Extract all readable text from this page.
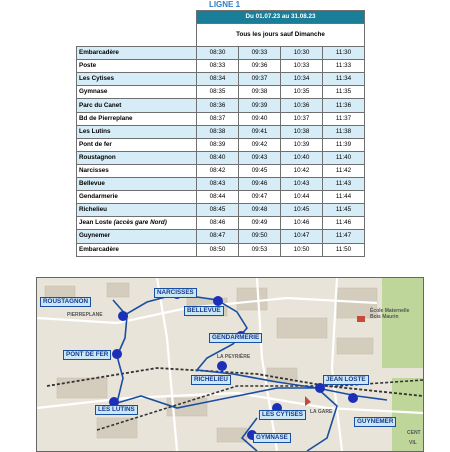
LIGNE 1
	Du 01.07.23 au 31.08.23			
	Tous les jours sauf Dimanche			
Embarcadère	08:30	09:33	10:30	11:30
Poste	08:33	09:36	10:33	11:33
Les Cytises	08:34	09:37	10:34	11:34
Gymnase	08:35	09:38	10:35	11:35
Parc du Canet	08:36	09:39	10:36	11:36
Bd de Pierreplane	08:37	09:40	10:37	11:37
Les Lutins	08:38	09:41	10:38	11:38
Pont de fer	08:39	09:42	10:39	11:39
Roustagnon	08:40	09:43	10:40	11:40
Narcisses	08:42	09:45	10:42	11:42
Bellevue	08:43	09:46	10:43	11:43
Gendarmerie	08:44	09:47	10:44	11:44
Richelieu	08:45	09:48	10:45	11:45
Jean Loste (accès gare Nord)	08:46	09:49	10:46	11:46
Guynemer	08:47	09:50	10:47	11:47
Embarcadère	08:50	09:53	10:50	11:50
ROUSTAGNON
NARCISSES
BELLEVUE
GENDARMERIE
PONT DE FER
RICHELIEU	JEAN LOSTE
LES LUTINS
LES CYTISES
GYMNASE
GUYNEMER
PIERREPLANE
LA PEYRIÈRE
LA GARE
École Maternelle Bois Maurin
CENT
VIL
